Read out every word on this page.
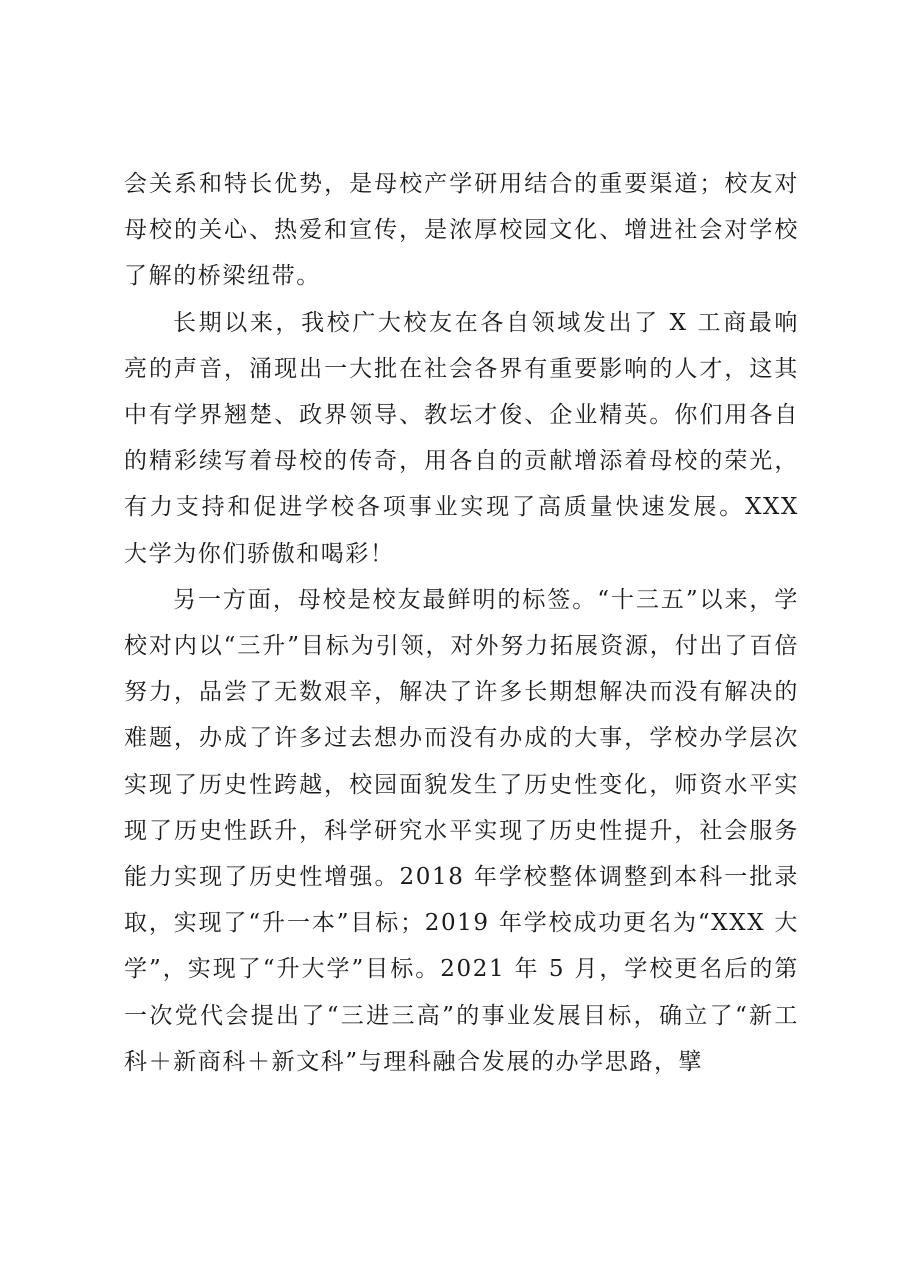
会关系和特长优势，是母校产学研用结合的重要渠道；校友对母校的关心、热爱和宣传，是浓厚校园文化、增进社会对学校了解的桥梁纽带。

长期以来，我校广大校友在各自领域发出了 X 工商最响亮的声音，涌现出一大批在社会各界有重要影响的人才，这其中有学界翘楚、政界领导、教坛才俊、企业精英。你们用各自的精彩续写着母校的传奇，用各自的贡献增添着母校的荣光，有力支持和促进学校各项事业实现了高质量快速发展。XXX 大学为你们骄傲和喝彩！

另一方面，母校是校友最鲜明的标签。“十三五”以来，学校对内以“三升”目标为引领，对外努力拓展资源，付出了百倍努力，品尝了无数艰辛，解决了许多长期想解决而没有解决的难题，办成了许多过去想办而没有办成的大事，学校办学层次实现了历史性跨越，校园面貌发生了历史性变化，师资水平实现了历史性跃升，科学研究水平实现了历史性提升，社会服务能力实现了历史性增强。2018 年学校整体调整到本科一批录取，实现了“升一本”目标；2019 年学校成功更名为“XXX 大学”，实现了“升大学”目标。2021 年 5 月，学校更名后的第一次党代会提出了“三进三高”的事业发展目标，确立了“新工科＋新商科＋新文科”与理科融合发展的办学思路，擘
